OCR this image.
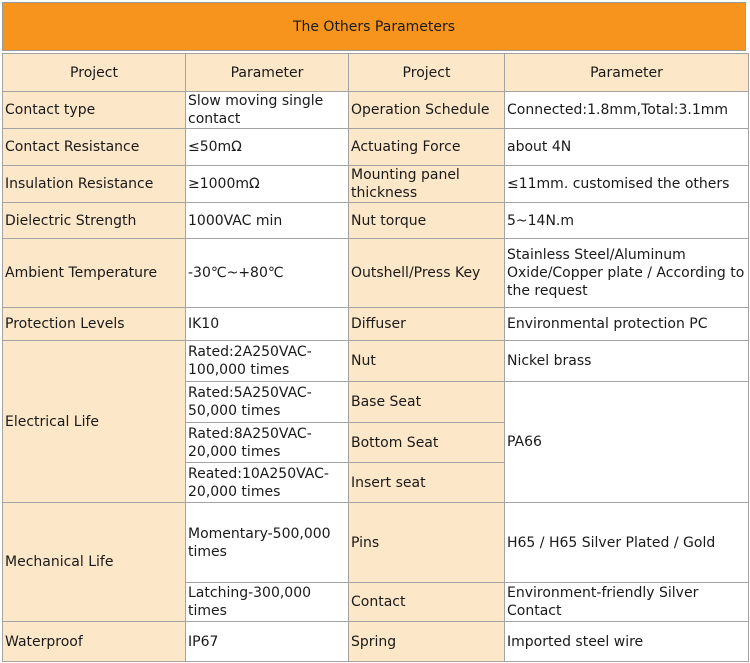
The Others Parameters
Project	Parameter	Project	Parameter
Contact type	Slow moving single contact	Operation Schedule	Connected:1.8mm,Total:3.1mm
Contact Resistance	≤50mΩ	Actuating Force	about 4N
Insulation Resistance	≥1000mΩ	Mounting panel thickness	≤11mm. customised the others
Dielectric Strength	1000VAC min	Nut torque	5~14N.m
Ambient Temperature	-30℃~+80℃	Outshell/Press Key	Stainless Steel/Aluminum Oxide/Copper plate / According to the request
Protection Levels	IK10	Diffuser	Environmental protection PC
Electrical Life	Rated:2A250VAC-100,000 times	Nut	Nickel brass
	Rated:5A250VAC-50,000 times	Base Seat	PA66
	Rated:8A250VAC-20,000 times	Bottom Seat	
	Reated:10A250VAC-20,000 times	Insert seat	
Mechanical Life	Momentary-500,000 times	Pins	H65 / H65 Silver Plated / Gold
	Latching-300,000 times	Contact	Environment-friendly Silver Contact
Waterproof	IP67	Spring	Imported steel wire
